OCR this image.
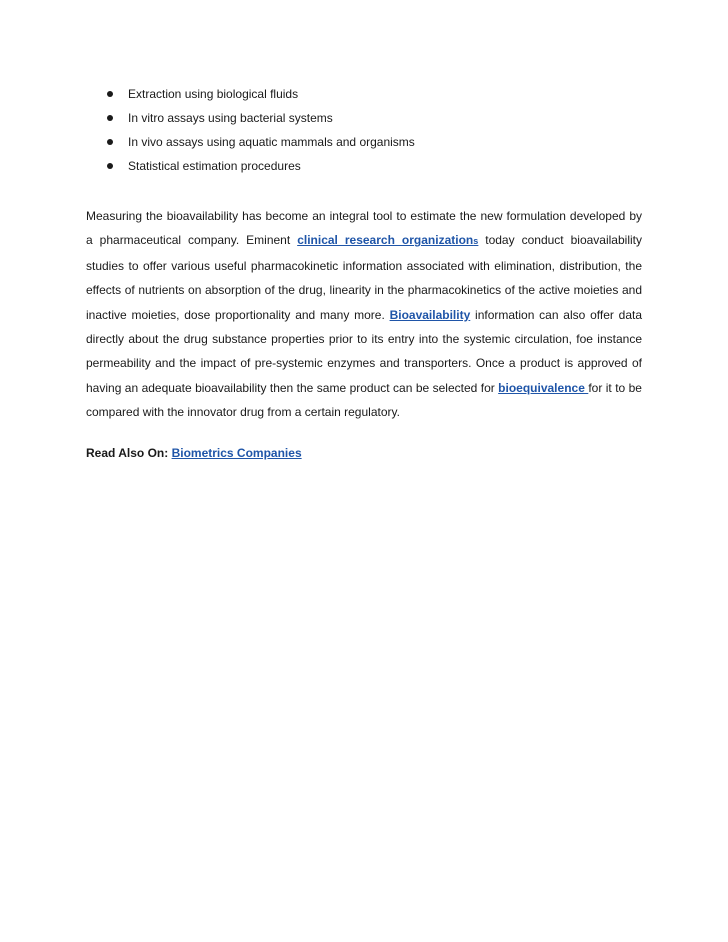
Extraction using biological fluids
In vitro assays using bacterial systems
In vivo assays using aquatic mammals and organisms
Statistical estimation procedures

Measuring the bioavailability has become an integral tool to estimate the new formulation developed by a pharmaceutical company. Eminent clinical research organizations today conduct bioavailability studies to offer various useful pharmacokinetic information associated with elimination, distribution, the effects of nutrients on absorption of the drug, linearity in the pharmacokinetics of the active moieties and inactive moieties, dose proportionality and many more. Bioavailability information can also offer data directly about the drug substance properties prior to its entry into the systemic circulation, foe instance permeability and the impact of pre-systemic enzymes and transporters. Once a product is approved of having an adequate bioavailability then the same product can be selected for bioequivalence for it to be compared with the innovator drug from a certain regulatory.

Read Also On: Biometrics Companies
